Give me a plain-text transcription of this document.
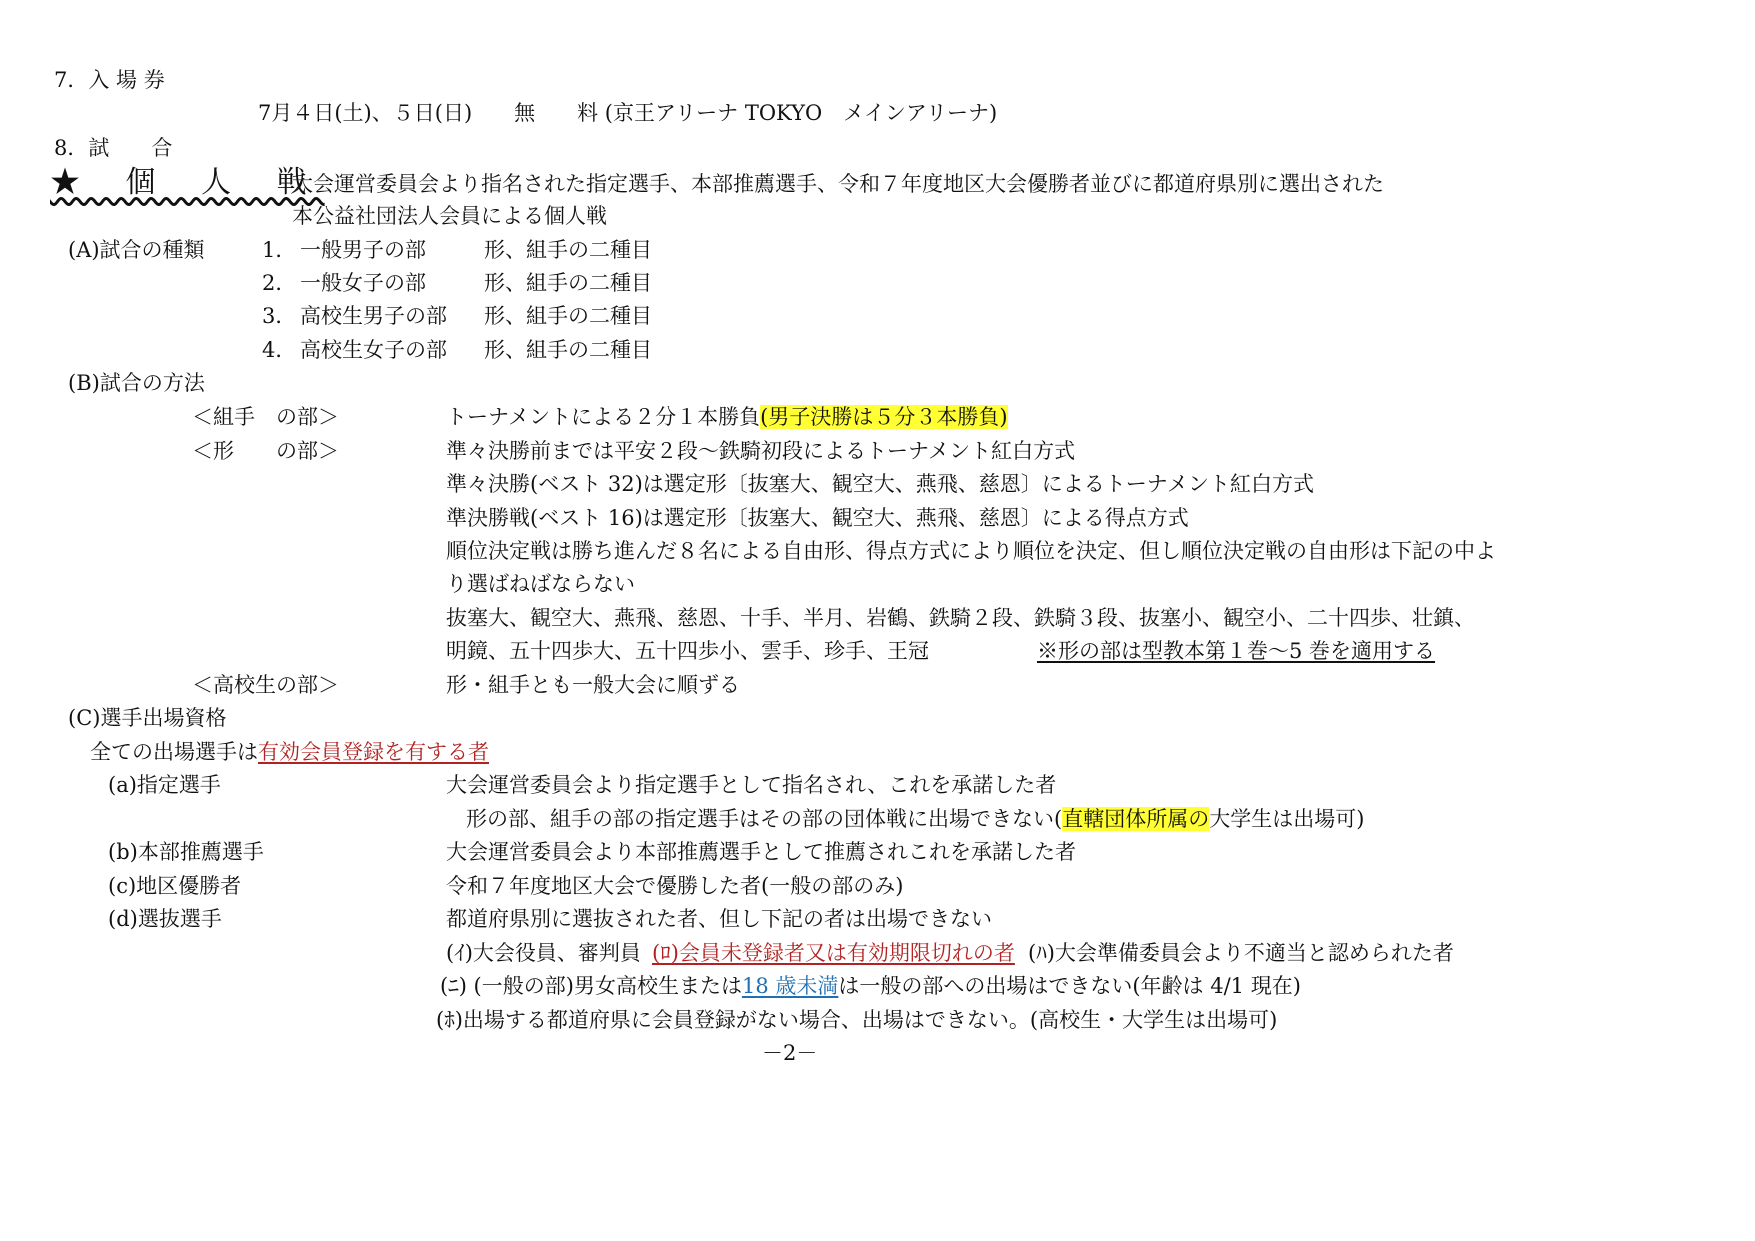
7．入 場 券
7月４日(土)、５日(日)　　無　　料 (京王アリーナ TOKYO　メインアリーナ)
8．試　　合
★ 個 人 戦
大会運営委員会より指名された指定選手、本部推薦選手、令和７年度地区大会優勝者並びに都道府県別に選出された
本公益社団法人会員による個人戦
(A)試合の種類	1． 一般男子の部	形、組手の二種目
2． 一般女子の部	形、組手の二種目
3． 高校生男子の部 形、組手の二種目
4． 高校生女子の部 形、組手の二種目
(B)試合の方法
＜組手　の部＞	トーナメントによる２分１本勝負(男子決勝は５分３本勝負)
＜形　　の部＞	準々決勝前までは平安２段～鉄騎初段によるトーナメント紅白方式
準々決勝(ベスト 32)は選定形〔抜塞大、観空大、燕飛、慈恩〕によるトーナメント紅白方式
準決勝戦(ベスト 16)は選定形〔抜塞大、観空大、燕飛、慈恩〕による得点方式
順位決定戦は勝ち進んだ８名による自由形、得点方式により順位を決定、但し順位決定戦の自由形は下記の中よ
り選ばねばならない
抜塞大、観空大、燕飛、慈恩、十手、半月、岩鶴、鉄騎２段、鉄騎３段、抜塞小、観空小、二十四歩、壮鎮、
明鏡、五十四歩大、五十四歩小、雲手、珍手、王冠	※形の部は型教本第１巻～5 巻を適用する
＜高校生の部＞	形・組手とも一般大会に順ずる
(C)選手出場資格
全ての出場選手は有効会員登録を有する者
(a)指定選手	大会運営委員会より指定選手として指名され、これを承諾した者
形の部、組手の部の指定選手はその部の団体戦に出場できない(直轄団体所属の大学生は出場可)
(b)本部推薦選手	大会運営委員会より本部推薦選手として推薦されこれを承諾した者
(c)地区優勝者	令和７年度地区大会で優勝した者(一般の部のみ)
(d)選抜選手	都道府県別に選抜された者、但し下記の者は出場できない
(ｲ)大会役員、審判員 (ﾛ)会員未登録者又は有効期限切れの者 (ﾊ)大会準備委員会より不適当と認められた者
(ﾆ) (一般の部)男女高校生または18 歳未満は一般の部への出場はできない(年齢は 4/1 現在)
(ﾎ)出場する都道府県に会員登録がない場合、出場はできない。(高校生・大学生は出場可)
－2－
